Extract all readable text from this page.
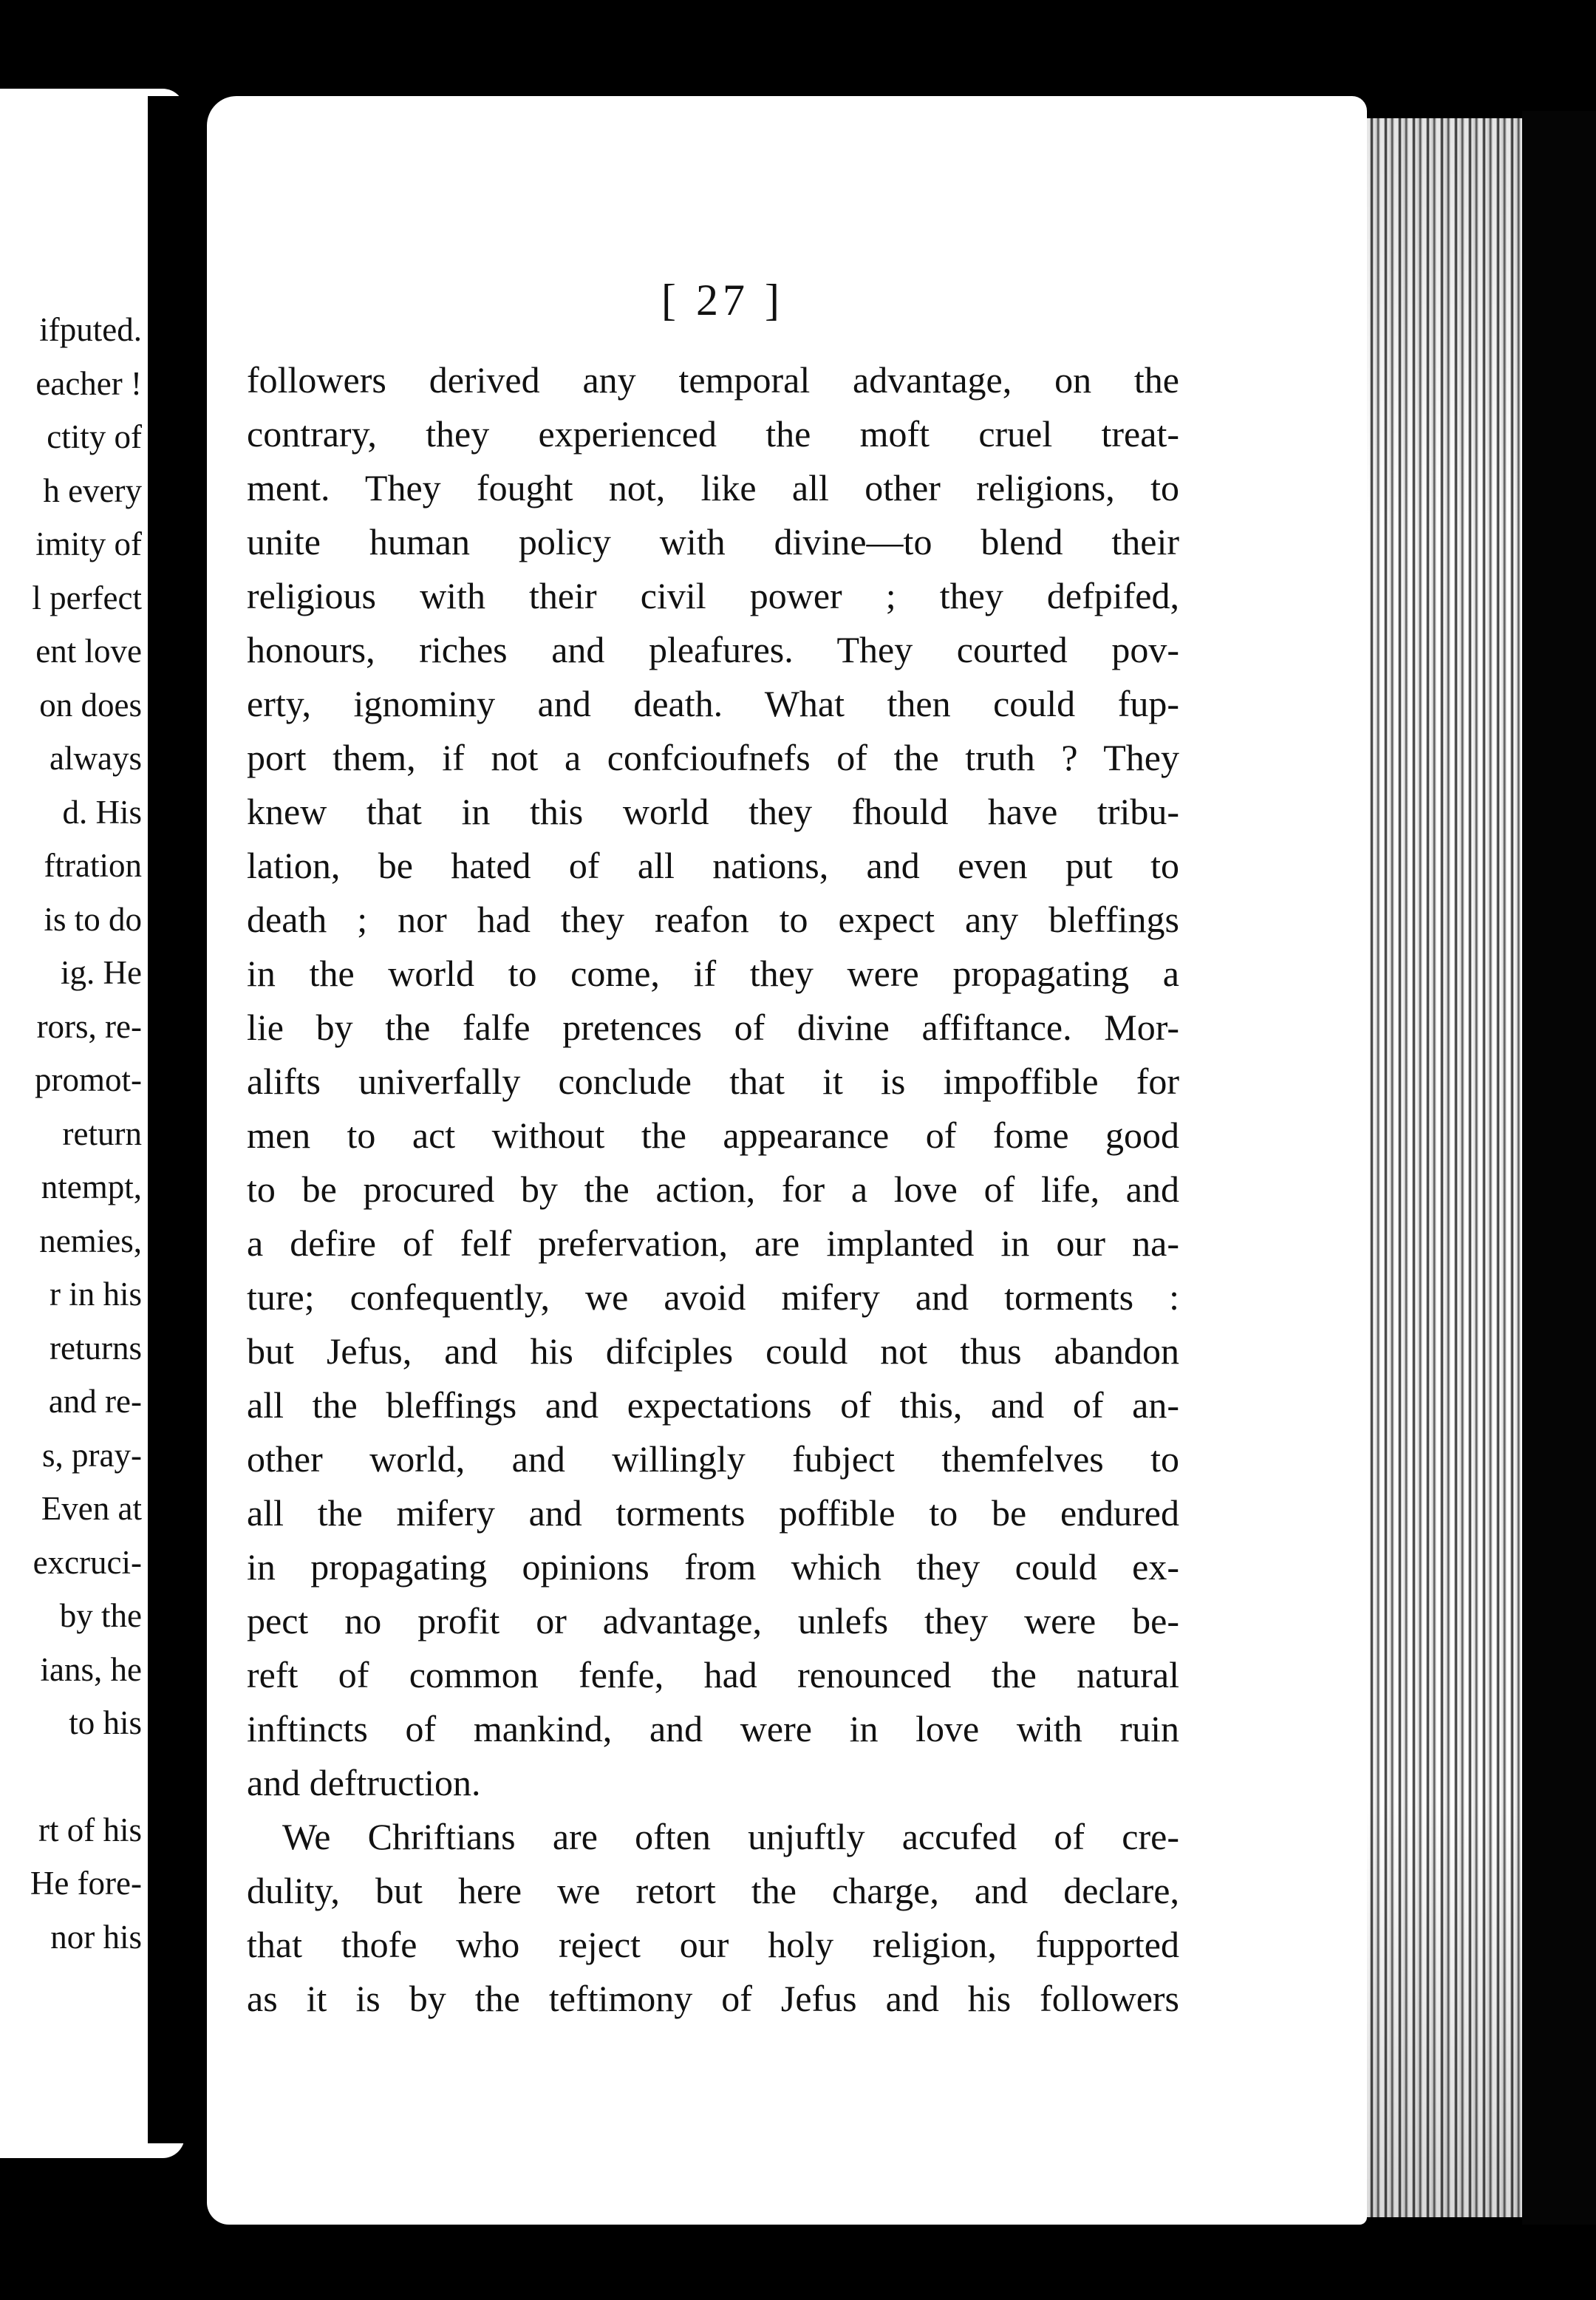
ifputed.
eacher !
ctity of
h every
imity of
l perfect
ent love
on does
always
d. His
ftration
is to do
ig. He
rors, re-
promot-
return
ntempt,
nemies,
r in his
returns
and re-
s, pray-
Even at
excruci-
by the
ians, he
to his
rt of his
He fore-
nor his
[ 27 ]
followers derived any temporal advantage, on the
contrary, they experienced the moft cruel treat-
ment. They fought not, like all other religions, to
unite human policy with divine—to blend their
religious with their civil power ; they defpifed,
honours, riches and pleafures. They courted pov-
erty, ignominy and death. What then could fup-
port them, if not a confcioufnefs of the truth ? They
knew that in this world they fhould have tribu-
lation, be hated of all nations, and even put to
death ; nor had they reafon to expect any bleffings
in the world to come, if they were propagating a
lie by the falfe pretences of divine affiftance. Mor-
alifts univerfally conclude that it is impoffible for
men to act without the appearance of fome good
to be procured by the action, for a love of life, and
a defire of felf prefervation, are implanted in our na-
ture; confequently, we avoid mifery and torments :
but Jefus, and his difciples could not thus abandon
all the bleffings and expectations of this, and of an-
other world, and willingly fubject themfelves to
all the mifery and torments poffible to be endured
in propagating opinions from which they could ex-
pect no profit or advantage, unlefs they were be-
reft of common fenfe, had renounced the natural
inftincts of mankind, and were in love with ruin
and deftruction.
We Chriftians are often unjuftly accufed of cre-
dulity, but here we retort the charge, and declare,
that thofe who reject our holy religion, fupported
as it is by the teftimony of Jefus and his followers
